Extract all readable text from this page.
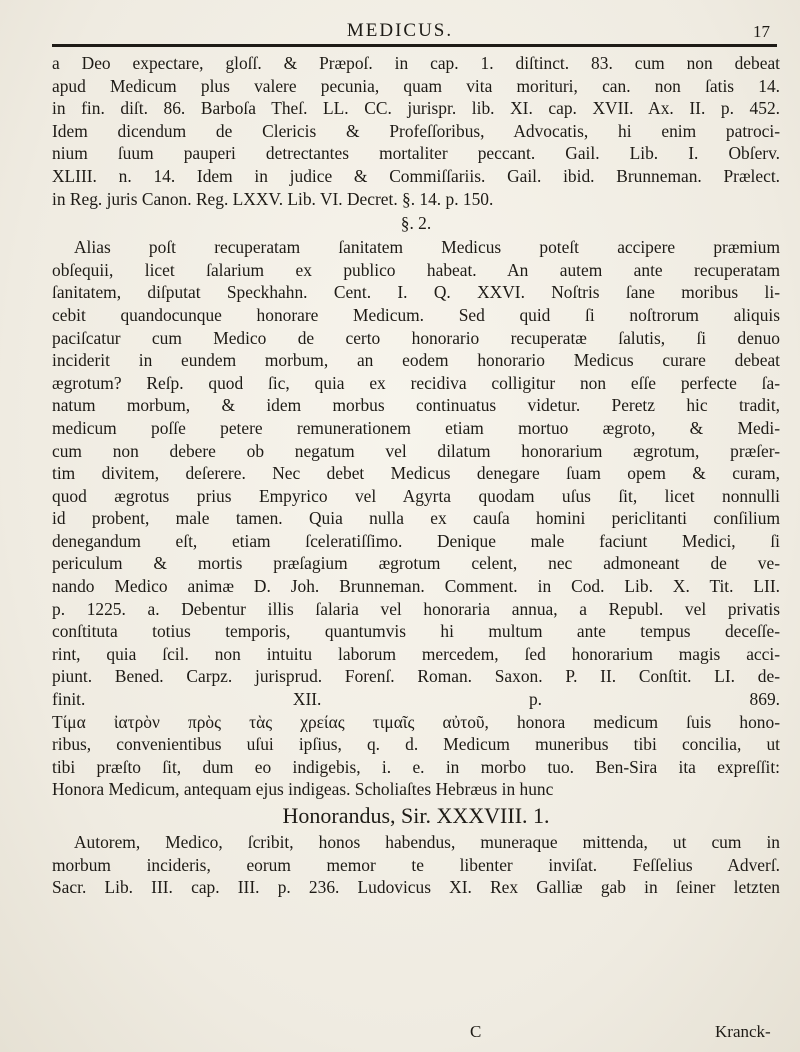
MEDICUS.	17
a Deo expectare, gloſſ. & Præpoſ. in cap. 1. diſtinct. 83. cum non debeat
apud Medicum plus valere pecunia, quam vita morituri, can. non ſatis 14.
in fin. diſt. 86. Barboſa Theſ. LL. CC. jurispr. lib. XI. cap. XVII. Ax. II. p. 452.
Idem dicendum de Clericis & Profeſſoribus, Advocatis, hi enim patroci-
nium ſuum pauperi detrectantes mortaliter peccant. Gail. Lib. I. Obſerv.
XLIII. n. 14. Idem in judice & Commiſſariis. Gail. ibid. Brunneman. Prælect.
in Reg. juris Canon. Reg. LXXV. Lib. VI. Decret. §. 14. p. 150.
§. 2.
Alias poſt recuperatam ſanitatem Medicus poteſt accipere præmium
obſequii, licet ſalarium ex publico habeat. An autem ante recuperatam
ſanitatem, diſputat Speckhahn. Cent. I. Q. XXVI. Noſtris ſane moribus li-
cebit quandocunque honorare Medicum. Sed quid ſi noſtrorum aliquis
paciſcatur cum Medico de certo honorario recuperatæ ſalutis, ſi denuo
inciderit in eundem morbum, an eodem honorario Medicus curare debeat
ægrotum? Reſp. quod ſic, quia ex recidiva colligitur non eſſe perfecte ſa-
natum morbum, & idem morbus continuatus videtur. Peretz hic tradit,
medicum poſſe petere remunerationem etiam mortuo ægroto, & Medi-
cum non debere ob negatum vel dilatum honorarium ægrotum, præſer-
tim divitem, deſerere. Nec debet Medicus denegare ſuam opem & curam,
quod ægrotus prius Empyrico vel Agyrta quodam uſus ſit, licet nonnulli
id probent, male tamen. Quia nulla ex cauſa homini periclitanti conſilium
denegandum eſt, etiam ſceleratiſſimo. Denique male faciunt Medici, ſi
periculum & mortis præſagium ægrotum celent, nec admoneant de ve-
nando Medico animæ D. Joh. Brunneman. Comment. in Cod. Lib. X. Tit. LII.
p. 1225. a. Debentur illis ſalaria vel honoraria annua, a Republ. vel privatis
conſtituta totius temporis, quantumvis hi multum ante tempus deceſſe-
rint, quia ſcil. non intuitu laborum mercedem, ſed honorarium magis acci-
piunt. Bened. Carpz. jurisprud. Forenſ. Roman. Saxon. P. II. Conſtit. LI. de-
finit. XII. p. 869.
Τίμα ἰατρὸν πρὸς τὰς χρείας τιμαῖς αὐτοῦ, honora medicum ſuis hono-
ribus, convenientibus uſui ipſius, q. d. Medicum muneribus tibi concilia, ut
tibi præſto ſit, dum eo indigebis, i. e. in morbo tuo. Ben-Sira ita expreſſit:
Honora Medicum, antequam ejus indigeas. Scholiaſtes Hebræus in hunc
Honorandus, Sir. XXXVIII. 1.
Autorem, Medico, ſcribit, honos habendus, muneraque mittenda, ut cum in
morbum incideris, eorum memor te libenter inviſat. Feſſelius Adverſ.
Sacr. Lib. III. cap. III. p. 236. Ludovicus XI. Rex Galliæ gab in ſeiner letzten
C	Kranck-
